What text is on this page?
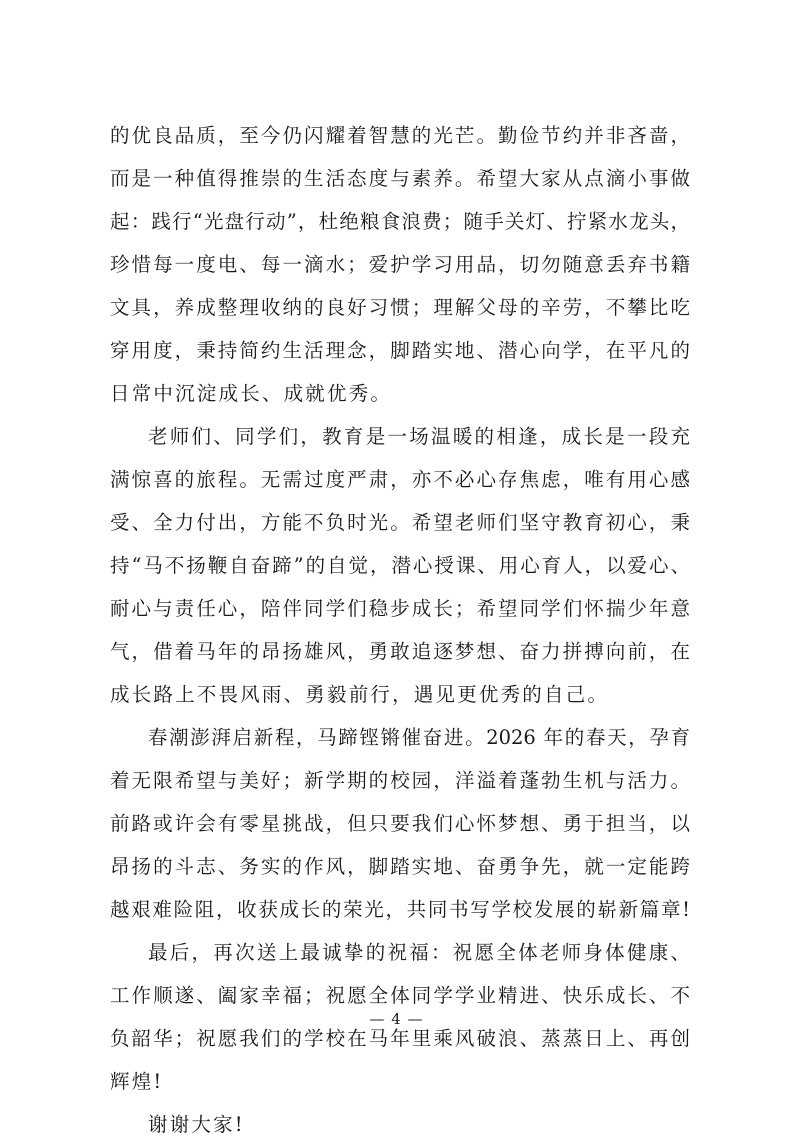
的优良品质，至今仍闪耀着智慧的光芒。勤俭节约并非吝啬，
而是一种值得推崇的生活态度与素养。希望大家从点滴小事做
起：践行“光盘行动”，杜绝粮食浪费；随手关灯、拧紧水龙头，
珍惜每一度电、每一滴水；爱护学习用品，切勿随意丢弃书籍
文具，养成整理收纳的良好习惯；理解父母的辛劳，不攀比吃
穿用度，秉持简约生活理念，脚踏实地、潜心向学，在平凡的
日常中沉淀成长、成就优秀。
老师们、同学们，教育是一场温暖的相逢，成长是一段充
满惊喜的旅程。无需过度严肃，亦不必心存焦虑，唯有用心感
受、全力付出，方能不负时光。希望老师们坚守教育初心，秉
持“马不扬鞭自奋蹄”的自觉，潜心授课、用心育人，以爱心、
耐心与责任心，陪伴同学们稳步成长；希望同学们怀揣少年意
气，借着马年的昂扬雄风，勇敢追逐梦想、奋力拼搏向前，在
成长路上不畏风雨、勇毅前行，遇见更优秀的自己。
春潮澎湃启新程，马蹄铿锵催奋进。2026 年的春天，孕育
着无限希望与美好；新学期的校园，洋溢着蓬勃生机与活力。
前路或许会有零星挑战，但只要我们心怀梦想、勇于担当，以
昂扬的斗志、务实的作风，脚踏实地、奋勇争先，就一定能跨
越艰难险阻，收获成长的荣光，共同书写学校发展的崭新篇章!
最后，再次送上最诚挚的祝福：祝愿全体老师身体健康、
工作顺遂、阖家幸福；祝愿全体同学学业精进、快乐成长、不
负韶华；祝愿我们的学校在马年里乘风破浪、蒸蒸日上、再创
辉煌!
谢谢大家!
— 4 —
